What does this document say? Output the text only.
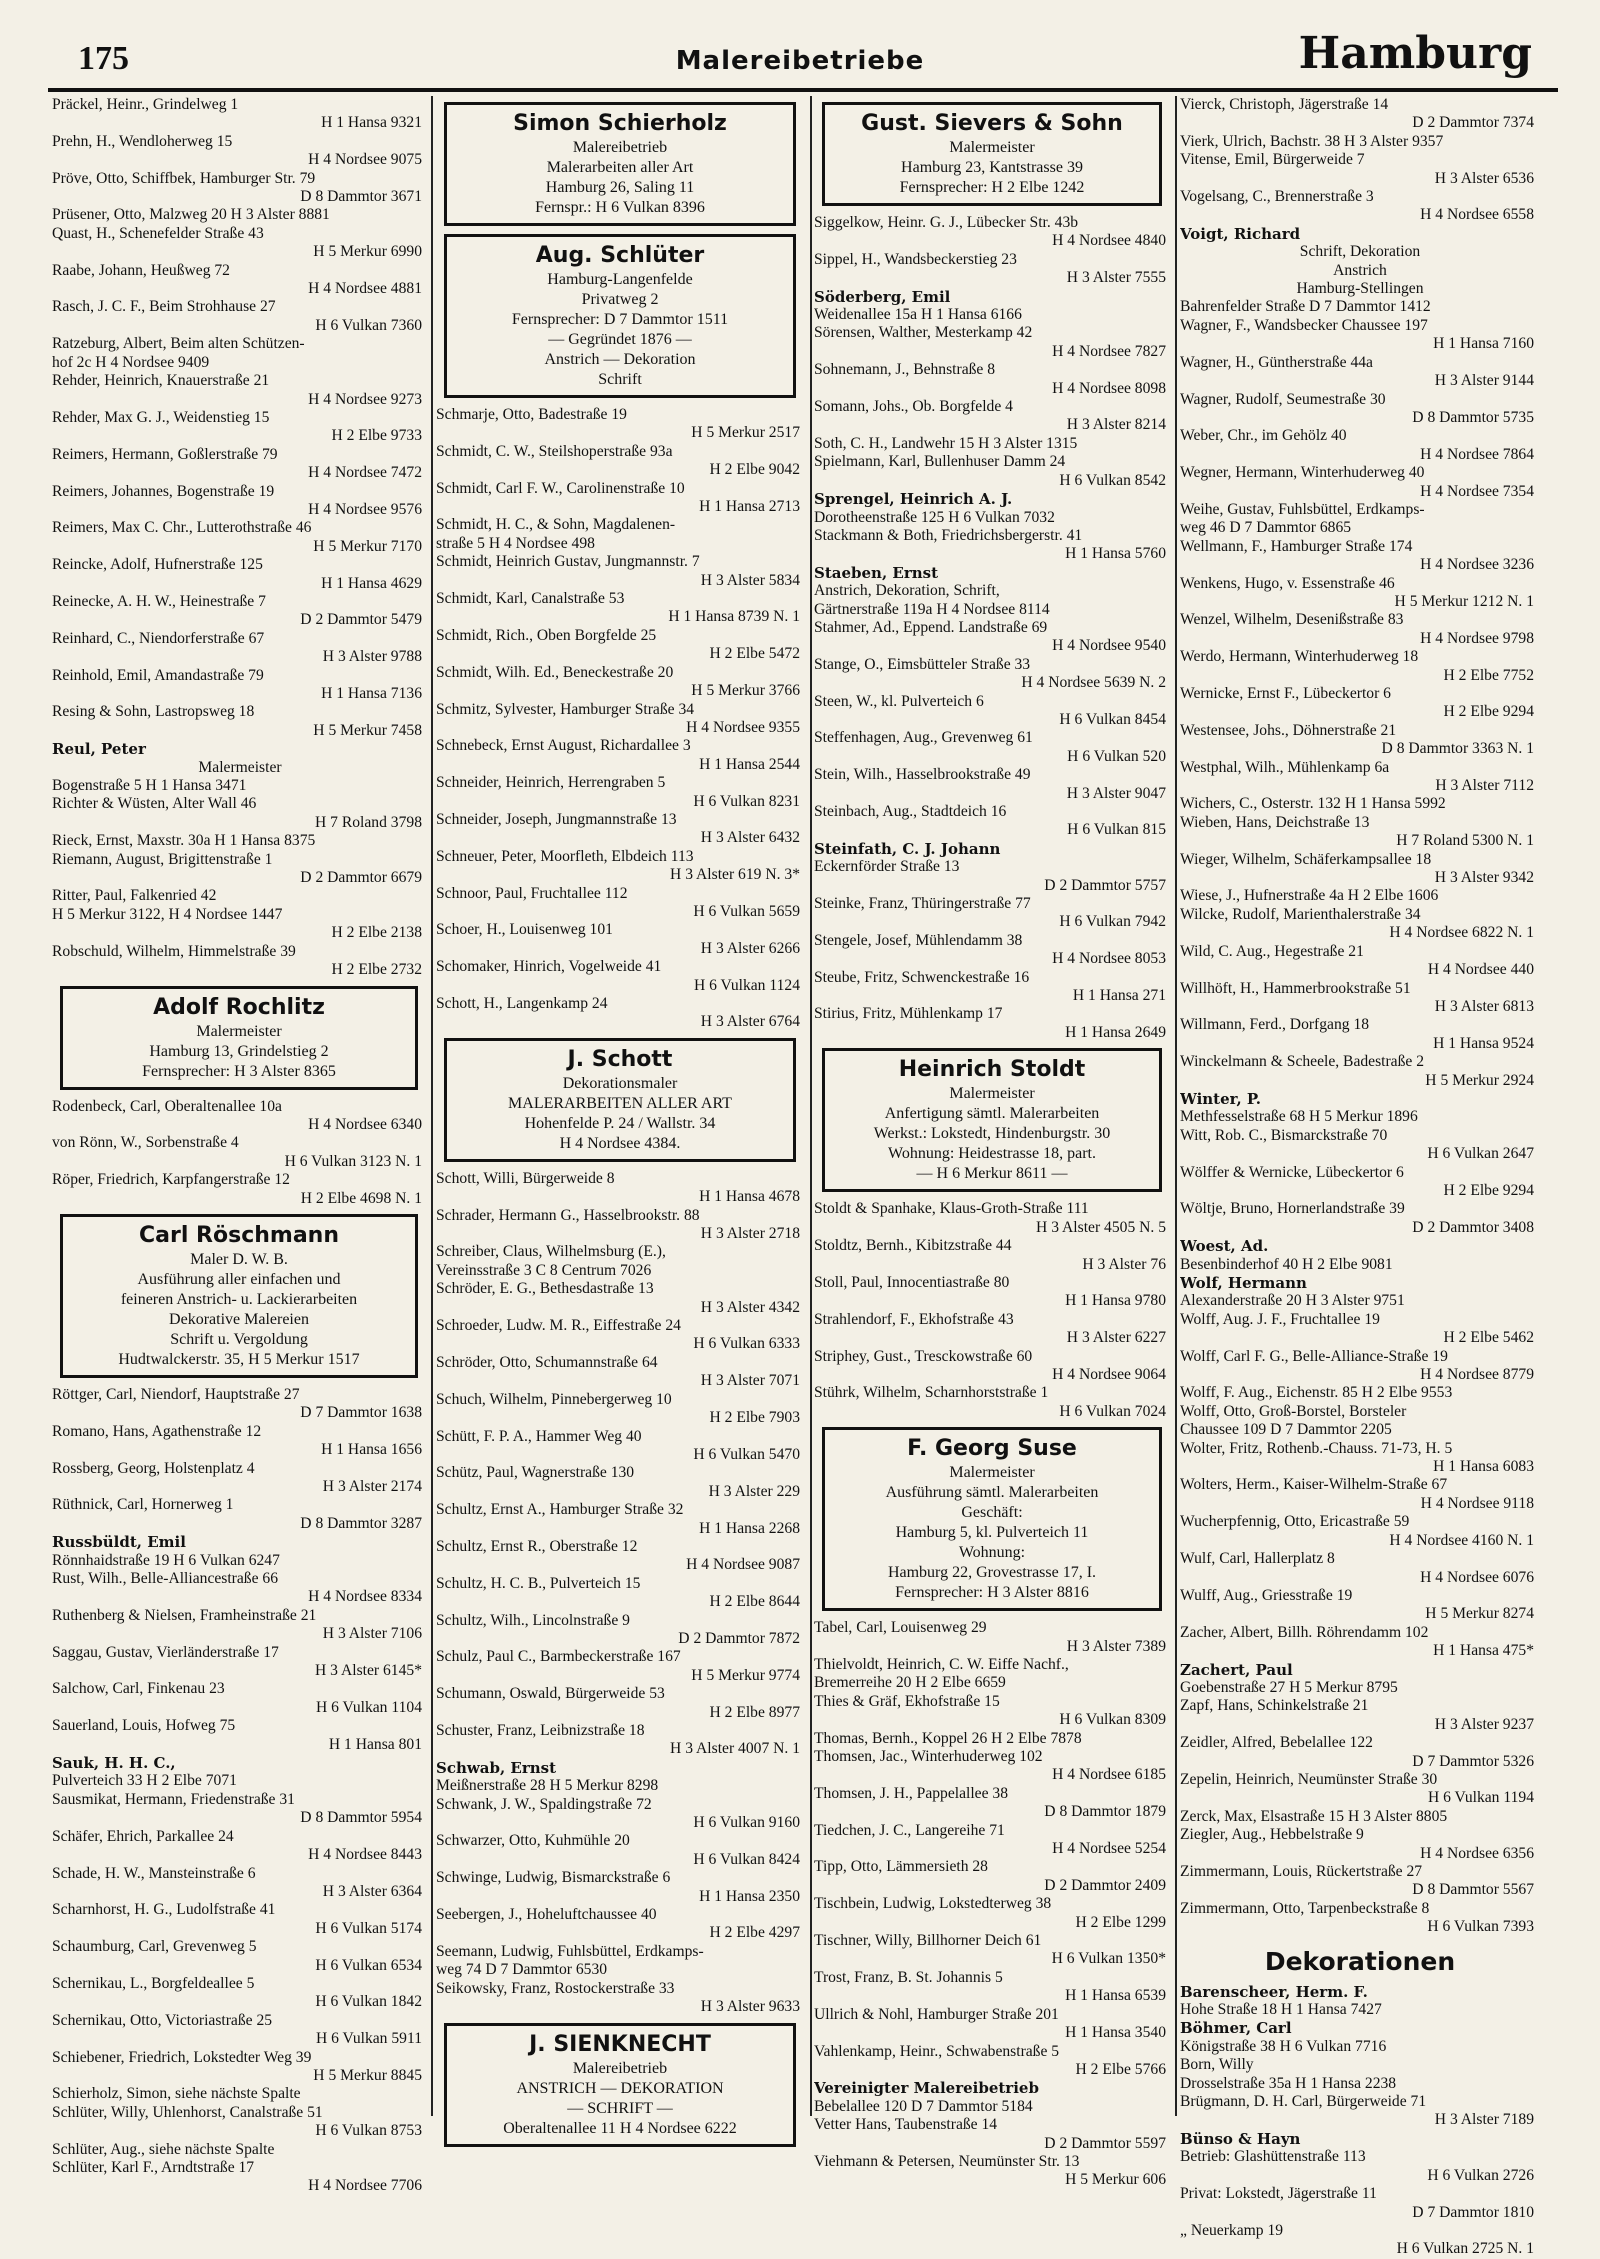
175	Malereibetriebe	Hamburg
Präckel, Heinr., Grindelweg 1
H 1 Hansa 9321
Prehn, H., Wendloherweg 15
H 4 Nordsee 9075
Pröve, Otto, Schiffbek, Hamburger Str. 79
D 8 Dammtor 3671
Prüsener, Otto, Malzweg 20 H 3 Alster 8881
Quast, H., Schenefelder Straße 43
H 5 Merkur 6990
Raabe, Johann, Heußweg 72
H 4 Nordsee 4881
Rasch, J. C. F., Beim Strohhause 27
H 6 Vulkan 7360
Ratzeburg, Albert, Beim alten Schützen-
hof 2c H 4 Nordsee 9409
Rehder, Heinrich, Knauerstraße 21
H 4 Nordsee 9273
Rehder, Max G. J., Weidenstieg 15
H 2 Elbe 9733
Reimers, Hermann, Goßlerstraße 79
H 4 Nordsee 7472
Reimers, Johannes, Bogenstraße 19
H 4 Nordsee 9576
Reimers, Max C. Chr., Lutterothstraße 46
H 5 Merkur 7170
Reincke, Adolf, Hufnerstraße 125
H 1 Hansa 4629
Reinecke, A. H. W., Heinestraße 7
D 2 Dammtor 5479
Reinhard, C., Niendorferstraße 67
H 3 Alster 9788
Reinhold, Emil, Amandastraße 79
H 1 Hansa 7136
Resing & Sohn, Lastropsweg 18
H 5 Merkur 7458
Reul, Peter
Malermeister
Bogenstraße 5 H 1 Hansa 3471
Richter & Wüsten, Alter Wall 46
H 7 Roland 3798
Rieck, Ernst, Maxstr. 30a H 1 Hansa 8375
Riemann, August, Brigittenstraße 1
D 2 Dammtor 6679
Ritter, Paul, Falkenried 42
H 5 Merkur 3122, H 4 Nordsee 1447
H 2 Elbe 2138
Robschuld, Wilhelm, Himmelstraße 39
H 2 Elbe 2732
Adolf Rochlitz
Malermeister
Hamburg 13, Grindelstieg 2
Fernsprecher: H 3 Alster 8365
Rodenbeck, Carl, Oberaltenallee 10a
H 4 Nordsee 6340
von Rönn, W., Sorbenstraße 4
H 6 Vulkan 3123 N. 1
Röper, Friedrich, Karpfangerstraße 12
H 2 Elbe 4698 N. 1
Carl Röschmann
Maler D. W. B.
Ausführung aller einfachen und
feineren Anstrich- u. Lackierarbeiten
Dekorative Malereien
Schrift u. Vergoldung
Hudtwalckerstr. 35, H 5 Merkur 1517
Röttger, Carl, Niendorf, Hauptstraße 27
D 7 Dammtor 1638
Romano, Hans, Agathenstraße 12
H 1 Hansa 1656
Rossberg, Georg, Holstenplatz 4
H 3 Alster 2174
Rüthnick, Carl, Hornerweg 1
D 8 Dammtor 3287
Russbüldt, Emil
Rönnhaidstraße 19 H 6 Vulkan 6247
Rust, Wilh., Belle-Alliancestraße 66
H 4 Nordsee 8334
Ruthenberg & Nielsen, Framheinstraße 21
H 3 Alster 7106
Saggau, Gustav, Vierländerstraße 17
H 3 Alster 6145*
Salchow, Carl, Finkenau 23
H 6 Vulkan 1104
Sauerland, Louis, Hofweg 75
H 1 Hansa 801
Sauk, H. H. C.,
Pulverteich 33 H 2 Elbe 7071
Sausmikat, Hermann, Friedenstraße 31
D 8 Dammtor 5954
Schäfer, Ehrich, Parkallee 24
H 4 Nordsee 8443
Schade, H. W., Mansteinstraße 6
H 3 Alster 6364
Scharnhorst, H. G., Ludolfstraße 41
H 6 Vulkan 5174
Schaumburg, Carl, Grevenweg 5
H 6 Vulkan 6534
Schernikau, L., Borgfeldeallee 5
H 6 Vulkan 1842
Schernikau, Otto, Victoriastraße 25
H 6 Vulkan 5911
Schiebener, Friedrich, Lokstedter Weg 39
H 5 Merkur 8845
Schierholz, Simon, siehe nächste Spalte
Schlüter, Willy, Uhlenhorst, Canalstraße 51
H 6 Vulkan 8753
Schlüter, Aug., siehe nächste Spalte
Schlüter, Karl F., Arndtstraße 17
H 4 Nordsee 7706
Simon Schierholz
Malereibetrieb
Malerarbeiten aller Art
Hamburg 26, Saling 11
Fernspr.: H 6 Vulkan 8396
Aug. Schlüter
Hamburg-Langenfelde
Privatweg 2
Fernsprecher: D 7 Dammtor 1511
— Gegründet 1876 —
Anstrich — Dekoration
Schrift
Schmarje, Otto, Badestraße 19
H 5 Merkur 2517
Schmidt, C. W., Steilshoperstraße 93a
H 2 Elbe 9042
Schmidt, Carl F. W., Carolinenstraße 10
H 1 Hansa 2713
Schmidt, H. C., & Sohn, Magdalenen-
straße 5 H 4 Nordsee 498
Schmidt, Heinrich Gustav, Jungmannstr. 7
H 3 Alster 5834
Schmidt, Karl, Canalstraße 53
H 1 Hansa 8739 N. 1
Schmidt, Rich., Oben Borgfelde 25
H 2 Elbe 5472
Schmidt, Wilh. Ed., Beneckestraße 20
H 5 Merkur 3766
Schmitz, Sylvester, Hamburger Straße 34
H 4 Nordsee 9355
Schnebeck, Ernst August, Richardallee 3
H 1 Hansa 2544
Schneider, Heinrich, Herrengraben 5
H 6 Vulkan 8231
Schneider, Joseph, Jungmannstraße 13
H 3 Alster 6432
Schneuer, Peter, Moorfleth, Elbdeich 113
H 3 Alster 619 N. 3*
Schnoor, Paul, Fruchtallee 112
H 6 Vulkan 5659
Schoer, H., Louisenweg 101
H 3 Alster 6266
Schomaker, Hinrich, Vogelweide 41
H 6 Vulkan 1124
Schott, H., Langenkamp 24
H 3 Alster 6764
J. Schott
Dekorationsmaler
MALERARBEITEN ALLER ART
Hohenfelde P. 24 / Wallstr. 34
H 4 Nordsee 4384.
Schott, Willi, Bürgerweide 8
H 1 Hansa 4678
Schrader, Hermann G., Hasselbrookstr. 88
H 3 Alster 2718
Schreiber, Claus, Wilhelmsburg (E.),
Vereinsstraße 3 C 8 Centrum 7026
Schröder, E. G., Bethesdastraße 13
H 3 Alster 4342
Schroeder, Ludw. M. R., Eiffestraße 24
H 6 Vulkan 6333
Schröder, Otto, Schumannstraße 64
H 3 Alster 7071
Schuch, Wilhelm, Pinnebergerweg 10
H 2 Elbe 7903
Schütt, F. P. A., Hammer Weg 40
H 6 Vulkan 5470
Schütz, Paul, Wagnerstraße 130
H 3 Alster 229
Schultz, Ernst A., Hamburger Straße 32
H 1 Hansa 2268
Schultz, Ernst R., Oberstraße 12
H 4 Nordsee 9087
Schultz, H. C. B., Pulverteich 15
H 2 Elbe 8644
Schultz, Wilh., Lincolnstraße 9
D 2 Dammtor 7872
Schulz, Paul C., Barmbeckerstraße 167
H 5 Merkur 9774
Schumann, Oswald, Bürgerweide 53
H 2 Elbe 8977
Schuster, Franz, Leibnizstraße 18
H 3 Alster 4007 N. 1
Schwab, Ernst
Meißnerstraße 28 H 5 Merkur 8298
Schwank, J. W., Spaldingstraße 72
H 6 Vulkan 9160
Schwarzer, Otto, Kuhmühle 20
H 6 Vulkan 8424
Schwinge, Ludwig, Bismarckstraße 6
H 1 Hansa 2350
Seebergen, J., Hoheluftchaussee 40
H 2 Elbe 4297
Seemann, Ludwig, Fuhlsbüttel, Erdkamps-
weg 74 D 7 Dammtor 6530
Seikowsky, Franz, Rostockerstraße 33
H 3 Alster 9633
J. SIENKNECHT
Malereibetrieb
ANSTRICH — DEKORATION
— SCHRIFT —
Oberaltenallee 11 H 4 Nordsee 6222
Gust. Sievers & Sohn
Malermeister
Hamburg 23, Kantstrasse 39
Fernsprecher: H 2 Elbe 1242
Siggelkow, Heinr. G. J., Lübecker Str. 43b
H 4 Nordsee 4840
Sippel, H., Wandsbeckerstieg 23
H 3 Alster 7555
Söderberg, Emil
Weidenallee 15a H 1 Hansa 6166
Sörensen, Walther, Mesterkamp 42
H 4 Nordsee 7827
Sohnemann, J., Behnstraße 8
H 4 Nordsee 8098
Somann, Johs., Ob. Borgfelde 4
H 3 Alster 8214
Soth, C. H., Landwehr 15 H 3 Alster 1315
Spielmann, Karl, Bullenhuser Damm 24
H 6 Vulkan 8542
Sprengel, Heinrich A. J.
Dorotheenstraße 125 H 6 Vulkan 7032
Stackmann & Both, Friedrichsbergerstr. 41
H 1 Hansa 5760
Staeben, Ernst
Anstrich, Dekoration, Schrift,
Gärtnerstraße 119a H 4 Nordsee 8114
Stahmer, Ad., Eppend. Landstraße 69
H 4 Nordsee 9540
Stange, O., Eimsbütteler Straße 33
H 4 Nordsee 5639 N. 2
Steen, W., kl. Pulverteich 6
H 6 Vulkan 8454
Steffenhagen, Aug., Grevenweg 61
H 6 Vulkan 520
Stein, Wilh., Hasselbrookstraße 49
H 3 Alster 9047
Steinbach, Aug., Stadtdeich 16
H 6 Vulkan 815
Steinfath, C. J. Johann
Eckernförder Straße 13
D 2 Dammtor 5757
Steinke, Franz, Thüringerstraße 77
H 6 Vulkan 7942
Stengele, Josef, Mühlendamm 38
H 4 Nordsee 8053
Steube, Fritz, Schwenckestraße 16
H 1 Hansa 271
Stirius, Fritz, Mühlenkamp 17
H 1 Hansa 2649
Heinrich Stoldt
Malermeister
Anfertigung sämtl. Malerarbeiten
Werkst.: Lokstedt, Hindenburgstr. 30
Wohnung: Heidestrasse 18, part.
— H 6 Merkur 8611 —
Stoldt & Spanhake, Klaus-Groth-Straße 111
H 3 Alster 4505 N. 5
Stoldtz, Bernh., Kibitzstraße 44
H 3 Alster 76
Stoll, Paul, Innocentiastraße 80
H 1 Hansa 9780
Strahlendorf, F., Ekhofstraße 43
H 3 Alster 6227
Striphey, Gust., Tresckowstraße 60
H 4 Nordsee 9064
Stührk, Wilhelm, Scharnhorststraße 1
H 6 Vulkan 7024
F. Georg Suse
Malermeister
Ausführung sämtl. Malerarbeiten
Geschäft:
Hamburg 5, kl. Pulverteich 11
Wohnung:
Hamburg 22, Grovestrasse 17, I.
Fernsprecher: H 3 Alster 8816
Tabel, Carl, Louisenweg 29
H 3 Alster 7389
Thielvoldt, Heinrich, C. W. Eiffe Nachf.,
Bremerreihe 20 H 2 Elbe 6659
Thies & Gräf, Ekhofstraße 15
H 6 Vulkan 8309
Thomas, Bernh., Koppel 26 H 2 Elbe 7878
Thomsen, Jac., Winterhuderweg 102
H 4 Nordsee 6185
Thomsen, J. H., Pappelallee 38
D 8 Dammtor 1879
Tiedchen, J. C., Langereihe 71
H 4 Nordsee 5254
Tipp, Otto, Lämmersieth 28
D 2 Dammtor 2409
Tischbein, Ludwig, Lokstedterweg 38
H 2 Elbe 1299
Tischner, Willy, Billhorner Deich 61
H 6 Vulkan 1350*
Trost, Franz, B. St. Johannis 5
H 1 Hansa 6539
Ullrich & Nohl, Hamburger Straße 201
H 1 Hansa 3540
Vahlenkamp, Heinr., Schwabenstraße 5
H 2 Elbe 5766
Vereinigter Malereibetrieb
Bebelallee 120 D 7 Dammtor 5184
Vetter Hans, Taubenstraße 14
D 2 Dammtor 5597
Viehmann & Petersen, Neumünster Str. 13
H 5 Merkur 606
Vierck, Christoph, Jägerstraße 14
D 2 Dammtor 7374
Vierk, Ulrich, Bachstr. 38 H 3 Alster 9357
Vitense, Emil, Bürgerweide 7
H 3 Alster 6536
Vogelsang, C., Brennerstraße 3
H 4 Nordsee 6558
Voigt, Richard
Schrift, Dekoration
Anstrich
Hamburg-Stellingen
Bahrenfelder Straße D 7 Dammtor 1412
Wagner, F., Wandsbecker Chaussee 197
H 1 Hansa 7160
Wagner, H., Güntherstraße 44a
H 3 Alster 9144
Wagner, Rudolf, Seumestraße 30
D 8 Dammtor 5735
Weber, Chr., im Gehölz 40
H 4 Nordsee 7864
Wegner, Hermann, Winterhuderweg 40
H 4 Nordsee 7354
Weihe, Gustav, Fuhlsbüttel, Erdkamps-
weg 46 D 7 Dammtor 6865
Wellmann, F., Hamburger Straße 174
H 4 Nordsee 3236
Wenkens, Hugo, v. Essenstraße 46
H 5 Merkur 1212 N. 1
Wenzel, Wilhelm, Desenißstraße 83
H 4 Nordsee 9798
Werdo, Hermann, Winterhuderweg 18
H 2 Elbe 7752
Wernicke, Ernst F., Lübeckertor 6
H 2 Elbe 9294
Westensee, Johs., Döhnerstraße 21
D 8 Dammtor 3363 N. 1
Westphal, Wilh., Mühlenkamp 6a
H 3 Alster 7112
Wichers, C., Osterstr. 132 H 1 Hansa 5992
Wieben, Hans, Deichstraße 13
H 7 Roland 5300 N. 1
Wieger, Wilhelm, Schäferkampsallee 18
H 3 Alster 9342
Wiese, J., Hufnerstraße 4a H 2 Elbe 1606
Wilcke, Rudolf, Marienthalerstraße 34
H 4 Nordsee 6822 N. 1
Wild, C. Aug., Hegestraße 21
H 4 Nordsee 440
Willhöft, H., Hammerbrookstraße 51
H 3 Alster 6813
Willmann, Ferd., Dorfgang 18
H 1 Hansa 9524
Winckelmann & Scheele, Badestraße 2
H 5 Merkur 2924
Winter, P.
Methfesselstraße 68 H 5 Merkur 1896
Witt, Rob. C., Bismarckstraße 70
H 6 Vulkan 2647
Wölffer & Wernicke, Lübeckertor 6
H 2 Elbe 9294
Wöltje, Bruno, Hornerlandstraße 39
D 2 Dammtor 3408
Woest, Ad.
Besenbinderhof 40 H 2 Elbe 9081
Wolf, Hermann
Alexanderstraße 20 H 3 Alster 9751
Wolff, Aug. J. F., Fruchtallee 19
H 2 Elbe 5462
Wolff, Carl F. G., Belle-Alliance-Straße 19
H 4 Nordsee 8779
Wolff, F. Aug., Eichenstr. 85 H 2 Elbe 9553
Wolff, Otto, Groß-Borstel, Borsteler
Chaussee 109 D 7 Dammtor 2205
Wolter, Fritz, Rothenb.-Chauss. 71-73, H. 5
H 1 Hansa 6083
Wolters, Herm., Kaiser-Wilhelm-Straße 67
H 4 Nordsee 9118
Wucherpfennig, Otto, Ericastraße 59
H 4 Nordsee 4160 N. 1
Wulf, Carl, Hallerplatz 8
H 4 Nordsee 6076
Wulff, Aug., Griesstraße 19
H 5 Merkur 8274
Zacher, Albert, Billh. Röhrendamm 102
H 1 Hansa 475*
Zachert, Paul
Goebenstraße 27 H 5 Merkur 8795
Zapf, Hans, Schinkelstraße 21
H 3 Alster 9237
Zeidler, Alfred, Bebelallee 122
D 7 Dammtor 5326
Zepelin, Heinrich, Neumünster Straße 30
H 6 Vulkan 1194
Zerck, Max, Elsastraße 15 H 3 Alster 8805
Ziegler, Aug., Hebbelstraße 9
H 4 Nordsee 6356
Zimmermann, Louis, Rückertstraße 27
D 8 Dammtor 5567
Zimmermann, Otto, Tarpenbeckstraße 8
H 6 Vulkan 7393
Dekorationen
Barenscheer, Herm. F.
Hohe Straße 18 H 1 Hansa 7427
Böhmer, Carl
Königstraße 38 H 6 Vulkan 7716
Born, Willy
Drosselstraße 35a H 1 Hansa 2238
Brügmann, D. H. Carl, Bürgerweide 71
H 3 Alster 7189
Bünso & Hayn
Betrieb: Glashüttenstraße 113
H 6 Vulkan 2726
Privat: Lokstedt, Jägerstraße 11
D 7 Dammtor 1810
„ Neuerkamp 19
H 6 Vulkan 2725 N. 1
